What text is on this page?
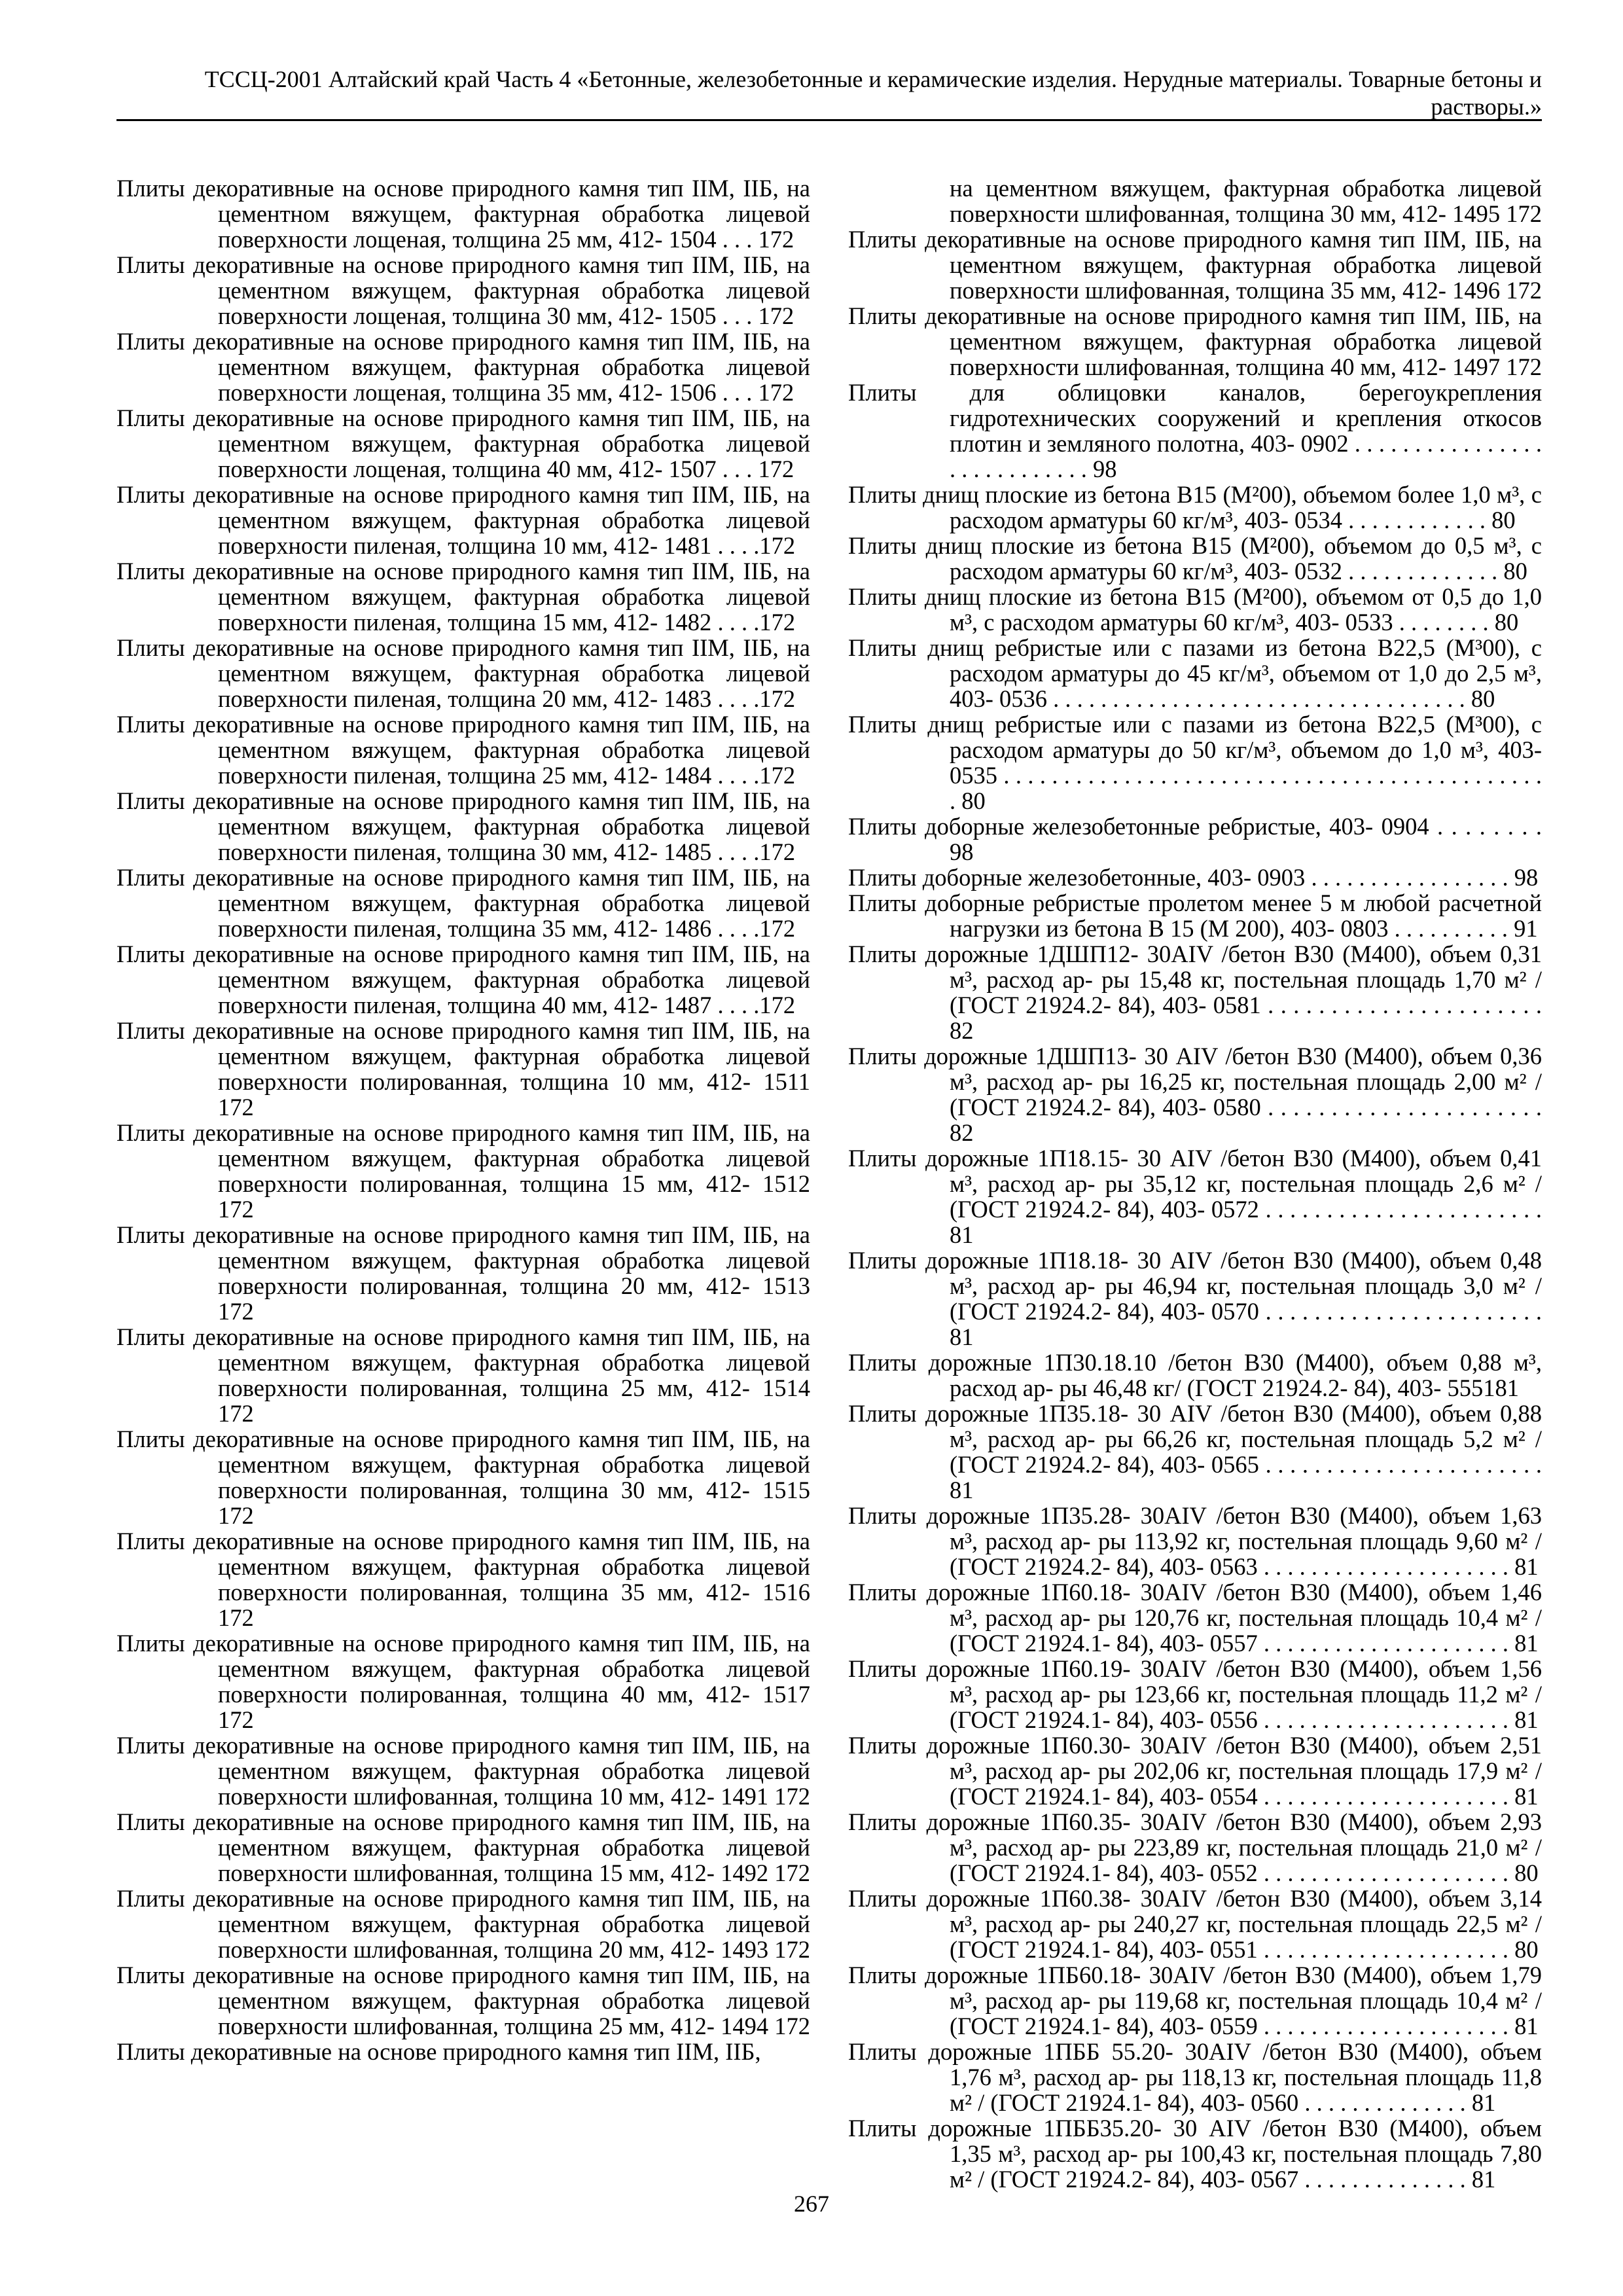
ТССЦ-2001 Алтайский край Часть 4 «Бетонные, железобетонные и керамические изделия. Нерудные материалы. Товарные бетоны и растворы.»

Плиты декоративные на основе природного камня тип IIМ, IIБ, на цементном вяжущем, фактурная обработка лицевой поверхности лощеная, толщина 25 мм, 412- 1504 . . . 172

Плиты декоративные на основе природного камня тип IIМ, IIБ, на цементном вяжущем, фактурная обработка лицевой поверхности лощеная, толщина 30 мм, 412- 1505 . . . 172

Плиты декоративные на основе природного камня тип IIМ, IIБ, на цементном вяжущем, фактурная обработка лицевой поверхности лощеная, толщина 35 мм, 412- 1506 . . . 172

Плиты декоративные на основе природного камня тип IIМ, IIБ, на цементном вяжущем, фактурная обработка лицевой поверхности лощеная, толщина 40 мм, 412- 1507 . . . 172

Плиты декоративные на основе природного камня тип IIМ, IIБ, на цементном вяжущем, фактурная обработка лицевой поверхности пиленая, толщина 10 мм, 412- 1481 . . . .172

Плиты декоративные на основе природного камня тип IIМ, IIБ, на цементном вяжущем, фактурная обработка лицевой поверхности пиленая, толщина 15 мм, 412- 1482 . . . .172

Плиты декоративные на основе природного камня тип IIМ, IIБ, на цементном вяжущем, фактурная обработка лицевой поверхности пиленая, толщина 20 мм, 412- 1483 . . . .172

Плиты декоративные на основе природного камня тип IIМ, IIБ, на цементном вяжущем, фактурная обработка лицевой поверхности пиленая, толщина 25 мм, 412- 1484 . . . .172

Плиты декоративные на основе природного камня тип IIМ, IIБ, на цементном вяжущем, фактурная обработка лицевой поверхности пиленая, толщина 30 мм, 412- 1485 . . . .172

Плиты декоративные на основе природного камня тип IIМ, IIБ, на цементном вяжущем, фактурная обработка лицевой поверхности пиленая, толщина 35 мм, 412- 1486 . . . .172

Плиты декоративные на основе природного камня тип IIМ, IIБ, на цементном вяжущем, фактурная обработка лицевой поверхности пиленая, толщина 40 мм, 412- 1487 . . . .172

Плиты декоративные на основе природного камня тип IIМ, IIБ, на цементном вяжущем, фактурная обработка лицевой поверхности полированная, толщина 10 мм, 412- 1511 172

Плиты декоративные на основе природного камня тип IIМ, IIБ, на цементном вяжущем, фактурная обработка лицевой поверхности полированная, толщина 15 мм, 412- 1512 172

Плиты декоративные на основе природного камня тип IIМ, IIБ, на цементном вяжущем, фактурная обработка лицевой поверхности полированная, толщина 20 мм, 412- 1513 172

Плиты декоративные на основе природного камня тип IIМ, IIБ, на цементном вяжущем, фактурная обработка лицевой поверхности полированная, толщина 25 мм, 412- 1514 172

Плиты декоративные на основе природного камня тип IIМ, IIБ, на цементном вяжущем, фактурная обработка лицевой поверхности полированная, толщина 30 мм, 412- 1515 172

Плиты декоративные на основе природного камня тип IIМ, IIБ, на цементном вяжущем, фактурная обработка лицевой поверхности полированная, толщина 35 мм, 412- 1516 172

Плиты декоративные на основе природного камня тип IIМ, IIБ, на цементном вяжущем, фактурная обработка лицевой поверхности полированная, толщина 40 мм, 412- 1517 172

Плиты декоративные на основе природного камня тип IIМ, IIБ, на цементном вяжущем, фактурная обработка лицевой поверхности шлифованная, толщина 10 мм, 412- 1491 172

Плиты декоративные на основе природного камня тип IIМ, IIБ, на цементном вяжущем, фактурная обработка лицевой поверхности шлифованная, толщина 15 мм, 412- 1492 172

Плиты декоративные на основе природного камня тип IIМ, IIБ, на цементном вяжущем, фактурная обработка лицевой поверхности шлифованная, толщина 20 мм, 412- 1493 172

Плиты декоративные на основе природного камня тип IIМ, IIБ, на цементном вяжущем, фактурная обработка лицевой поверхности шлифованная, толщина 25 мм, 412- 1494 172

Плиты декоративные на основе природного камня тип IIМ, IIБ,

на цементном вяжущем, фактурная обработка лицевой поверхности шлифованная, толщина 30 мм, 412- 1495 172

Плиты декоративные на основе природного камня тип IIМ, IIБ, на цементном вяжущем, фактурная обработка лицевой поверхности шлифованная, толщина 35 мм, 412- 1496 172

Плиты декоративные на основе природного камня тип IIМ, IIБ, на цементном вяжущем, фактурная обработка лицевой поверхности шлифованная, толщина 40 мм, 412- 1497 172

Плиты для облицовки каналов, берегоукрепления гидротехнических сооружений и крепления откосов плотин и земляного полотна, 403- 0902 . . . . . . . . . . . . . . . . . . . . . . . . . . . . 98

Плиты днищ плоские из бетона В15 (М²00), объемом более 1,0 м³, с расходом арматуры 60 кг/м³, 403- 0534 . . . . . . . . . . . . 80

Плиты днищ плоские из бетона В15 (М²00), объемом до 0,5 м³, с расходом арматуры 60 кг/м³, 403- 0532 . . . . . . . . . . . . . 80

Плиты днищ плоские из бетона В15 (М²00), объемом от 0,5 до 1,0 м³, с расходом арматуры 60 кг/м³, 403- 0533 . . . . . . . . 80

Плиты днищ ребристые или с пазами из бетона В22,5 (М³00), с расходом арматуры до 45 кг/м³, объемом от 1,0 до 2,5 м³, 403- 0536 . . . . . . . . . . . . . . . . . . . . . . . . . . . . . . . . . . . 80

Плиты днищ ребристые или с пазами из бетона В22,5 (М³00), с расходом арматуры до 50 кг/м³, объемом до 1,0 м³, 403- 0535 . . . . . . . . . . . . . . . . . . . . . . . . . . . . . . . . . . . . . . . . . . . . . . 80

Плиты доборные железобетонные ребристые, 403- 0904 . . . . . . . . 98

Плиты доборные железобетонные, 403- 0903 . . . . . . . . . . . . . . . . . 98

Плиты доборные ребристые пролетом менее 5 м любой расчетной нагрузки из бетона В 15 (М 200), 403- 0803 . . . . . . . . . . 91

Плиты дорожные 1ДШП12- 30AIV /бетон В30 (М400), объем 0,31 м³, расход ар- ры 15,48 кг, постельная площадь 1,70 м² / (ГОСТ 21924.2- 84), 403- 0581 . . . . . . . . . . . . . . . . . . . . . . 82

Плиты дорожные 1ДШП13- 30 AIV /бетон В30 (М400), объем 0,36 м³, расход ар- ры 16,25 кг, постельная площадь 2,00 м² / (ГОСТ 21924.2- 84), 403- 0580 . . . . . . . . . . . . . . . . . . . . . . 82

Плиты дорожные 1П18.15- 30 AIV /бетон В30 (М400), объем 0,41 м³, расход ар- ры 35,12 кг, постельная площадь 2,6 м² / (ГОСТ 21924.2- 84), 403- 0572 . . . . . . . . . . . . . . . . . . . . . . . 81

Плиты дорожные 1П18.18- 30 AIV /бетон В30 (М400), объем 0,48 м³, расход ар- ры 46,94 кг, постельная площадь 3,0 м² / (ГОСТ 21924.2- 84), 403- 0570 . . . . . . . . . . . . . . . . . . . . . . . 81

Плиты дорожные 1П30.18.10 /бетон В30 (М400), объем 0,88 м³, расход ар- ры 46,48 кг/ (ГОСТ 21924.2- 84), 403- 555181

Плиты дорожные 1П35.18- 30 AIV /бетон В30 (М400), объем 0,88 м³, расход ар- ры 66,26 кг, постельная площадь 5,2 м² / (ГОСТ 21924.2- 84), 403- 0565 . . . . . . . . . . . . . . . . . . . . . . . 81

Плиты дорожные 1П35.28- 30AIV /бетон В30 (М400), объем 1,63 м³, расход ар- ры 113,92 кг, постельная площадь 9,60 м² / (ГОСТ 21924.2- 84), 403- 0563 . . . . . . . . . . . . . . . . . . . . . 81

Плиты дорожные 1П60.18- 30AIV /бетон В30 (М400), объем 1,46 м³, расход ар- ры 120,76 кг, постельная площадь 10,4 м² / (ГОСТ 21924.1- 84), 403- 0557 . . . . . . . . . . . . . . . . . . . . . 81

Плиты дорожные 1П60.19- 30AIV /бетон В30 (М400), объем 1,56 м³, расход ар- ры 123,66 кг, постельная площадь 11,2 м² / (ГОСТ 21924.1- 84), 403- 0556 . . . . . . . . . . . . . . . . . . . . . 81

Плиты дорожные 1П60.30- 30AIV /бетон В30 (М400), объем 2,51 м³, расход ар- ры 202,06 кг, постельная площадь 17,9 м² / (ГОСТ 21924.1- 84), 403- 0554 . . . . . . . . . . . . . . . . . . . . . 81

Плиты дорожные 1П60.35- 30AIV /бетон В30 (М400), объем 2,93 м³, расход ар- ры 223,89 кг, постельная площадь 21,0 м² / (ГОСТ 21924.1- 84), 403- 0552 . . . . . . . . . . . . . . . . . . . . . 80

Плиты дорожные 1П60.38- 30AIV /бетон В30 (М400), объем 3,14 м³, расход ар- ры 240,27 кг, постельная площадь 22,5 м² / (ГОСТ 21924.1- 84), 403- 0551 . . . . . . . . . . . . . . . . . . . . . 80

Плиты дорожные 1ПБ60.18- 30AIV /бетон В30 (М400), объем 1,79 м³, расход ар- ры 119,68 кг, постельная площадь 10,4 м² / (ГОСТ 21924.1- 84), 403- 0559 . . . . . . . . . . . . . . . . . . . . . 81

Плиты дорожные 1ПББ 55.20- 30AIV /бетон В30 (М400), объем 1,76 м³, расход ар- ры 118,13 кг, постельная площадь 11,8 м² / (ГОСТ 21924.1- 84), 403- 0560 . . . . . . . . . . . . . . 81

Плиты дорожные 1ПББ35.20- 30 AIV /бетон В30 (М400), объем 1,35 м³, расход ар- ры 100,43 кг, постельная площадь 7,80 м² / (ГОСТ 21924.2- 84), 403- 0567 . . . . . . . . . . . . . . 81

267
